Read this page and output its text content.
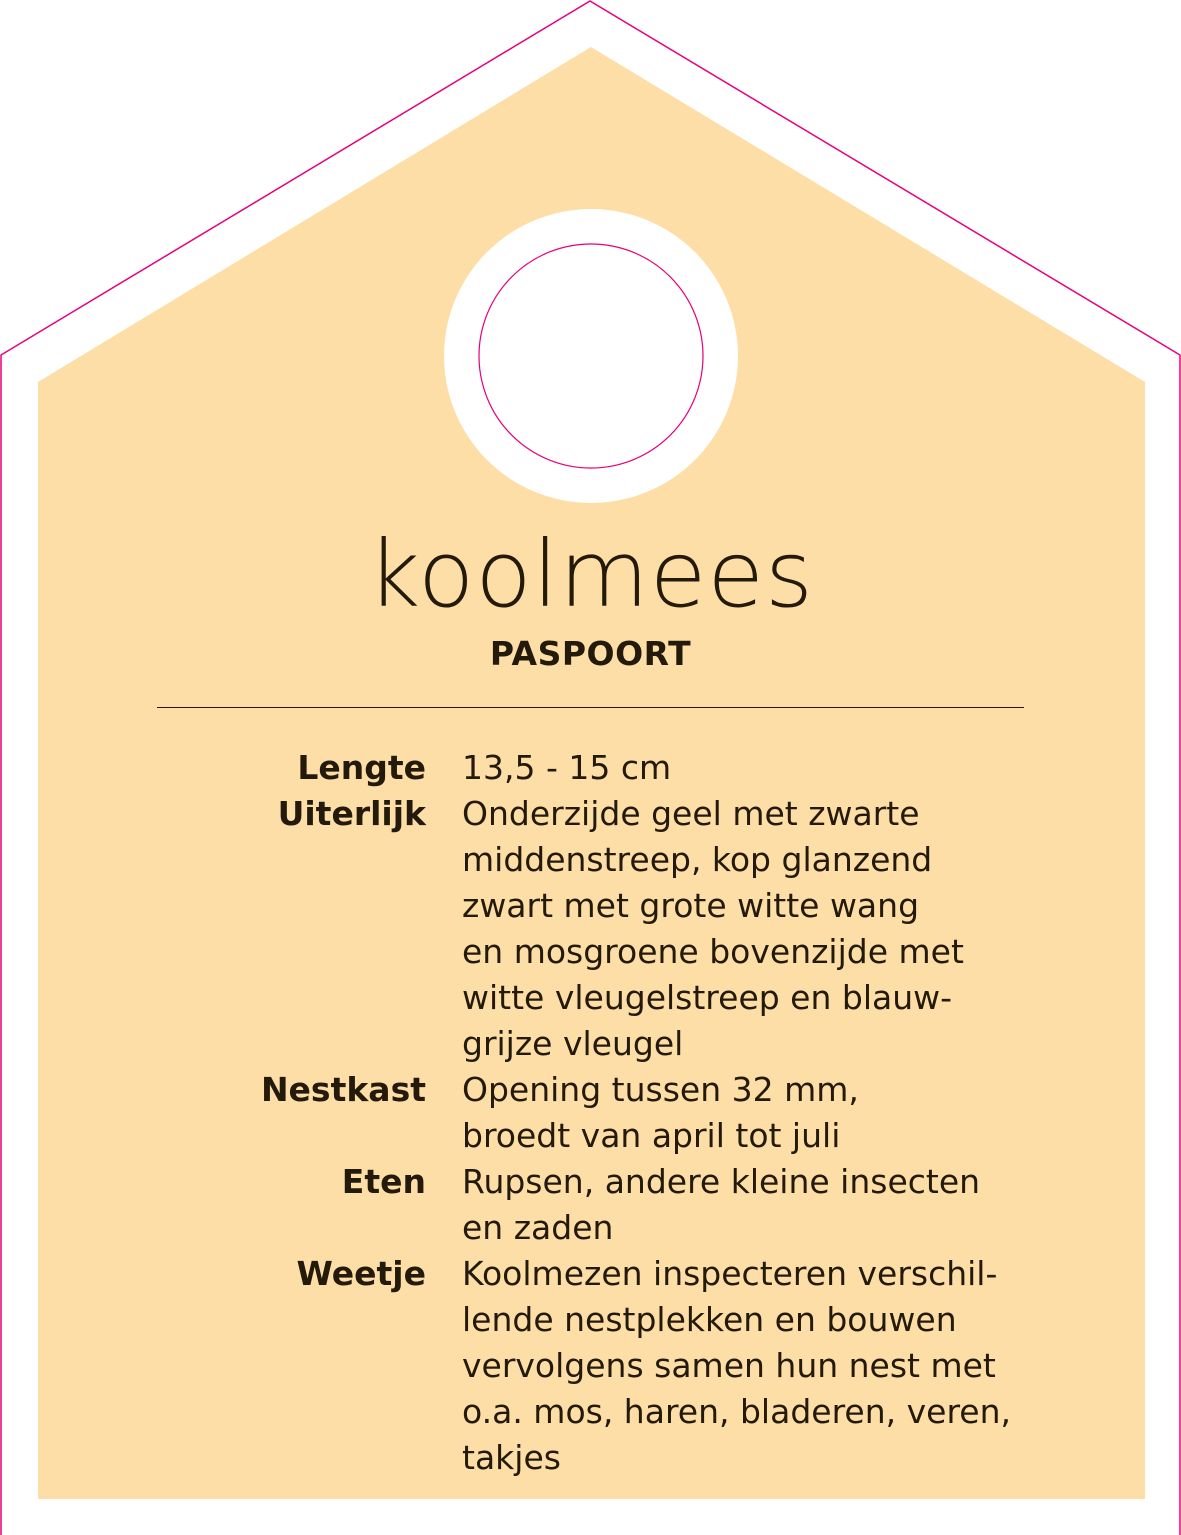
koolmees
PASPOORT
Lengte 13,5 - 15 cm
Uiterlijk Onderzijde geel met zwarte
middenstreep, kop glanzend
zwart met grote witte wang
en mosgroene bovenzijde met
witte vleugelstreep en blauw-
grijze vleugel
Nestkast Opening tussen 32 mm,
broedt van april tot juli
Eten Rupsen, andere kleine insecten
en zaden
Weetje Koolmezen inspecteren verschil-
lende nestplekken en bouwen
vervolgens samen hun nest met
o.a. mos, haren, bladeren, veren,
takjes
